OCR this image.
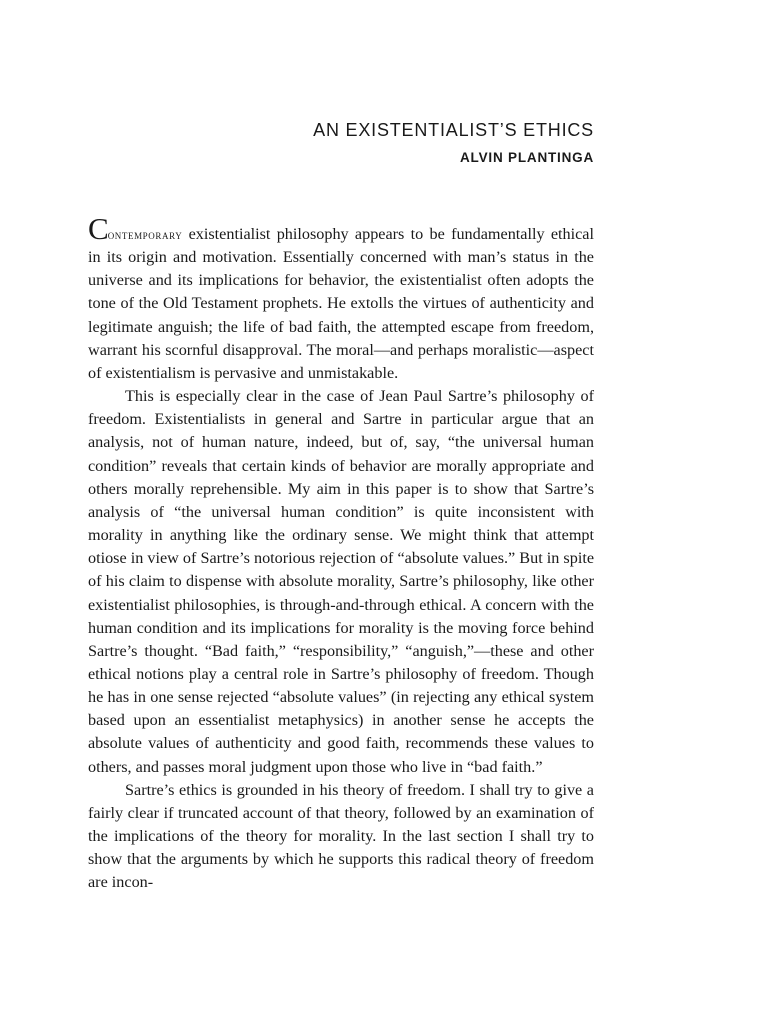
AN EXISTENTIALIST’S ETHICS
ALVIN PLANTINGA

Contemporary existentialist philosophy appears to be fundamentally ethical in its origin and motivation. Essentially concerned with man’s status in the universe and its implications for behavior, the existentialist often adopts the tone of the Old Testament prophets. He extolls the virtues of authenticity and legitimate anguish; the life of bad faith, the attempted escape from freedom, warrant his scornful disapproval. The moral—and perhaps moralistic—aspect of existentialism is pervasive and unmistakable.

This is especially clear in the case of Jean Paul Sartre’s philosophy of freedom. Existentialists in general and Sartre in particular argue that an analysis, not of human nature, indeed, but of, say, “the universal human condition” reveals that certain kinds of behavior are morally appropriate and others morally reprehensible. My aim in this paper is to show that Sartre’s analysis of “the universal human condition” is quite inconsistent with morality in anything like the ordinary sense. We might think that attempt otiose in view of Sartre’s notorious rejection of “absolute values.” But in spite of his claim to dispense with absolute morality, Sartre’s philosophy, like other existentialist philosophies, is through-and-through ethical. A concern with the human condition and its implications for morality is the moving force behind Sartre’s thought. “Bad faith,” “responsibility,” “anguish,”—these and other ethical notions play a central role in Sartre’s philosophy of freedom. Though he has in one sense rejected “absolute values” (in rejecting any ethical system based upon an essentialist metaphysics) in another sense he accepts the absolute values of authenticity and good faith, recommends these values to others, and passes moral judgment upon those who live in “bad faith.”

Sartre’s ethics is grounded in his theory of freedom. I shall try to give a fairly clear if truncated account of that theory, followed by an examination of the implications of the theory for morality. In the last section I shall try to show that the arguments by which he supports this radical theory of freedom are incon-
